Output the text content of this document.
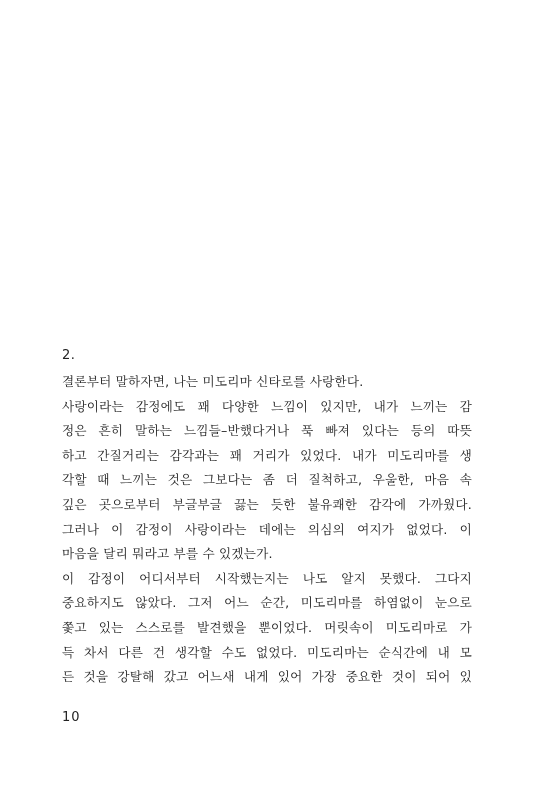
2.
결론부터 말하자면, 나는 미도리마 신타로를 사랑한다.
사랑이라는 감정에도 꽤 다양한 느낌이 있지만, 내가 느끼는 감
정은 흔히 말하는 느낌들–반했다거나 푹 빠져 있다는 등의 따뜻
하고 간질거리는 감각과는 꽤 거리가 있었다. 내가 미도리마를 생
각할 때 느끼는 것은 그보다는 좀 더 질척하고, 우울한, 마음 속
깊은 곳으로부터 부글부글 끓는 듯한 불유쾌한 감각에 가까웠다.
그러나 이 감정이 사랑이라는 데에는 의심의 여지가 없었다. 이
마음을 달리 뭐라고 부를 수 있겠는가.
이 감정이 어디서부터 시작했는지는 나도 알지 못했다. 그다지
중요하지도 않았다. 그저 어느 순간, 미도리마를 하염없이 눈으로
쫓고 있는 스스로를 발견했을 뿐이었다. 머릿속이 미도리마로 가
득 차서 다른 건 생각할 수도 없었다. 미도리마는 순식간에 내 모
든 것을 강탈해 갔고 어느새 내게 있어 가장 중요한 것이 되어 있
10
